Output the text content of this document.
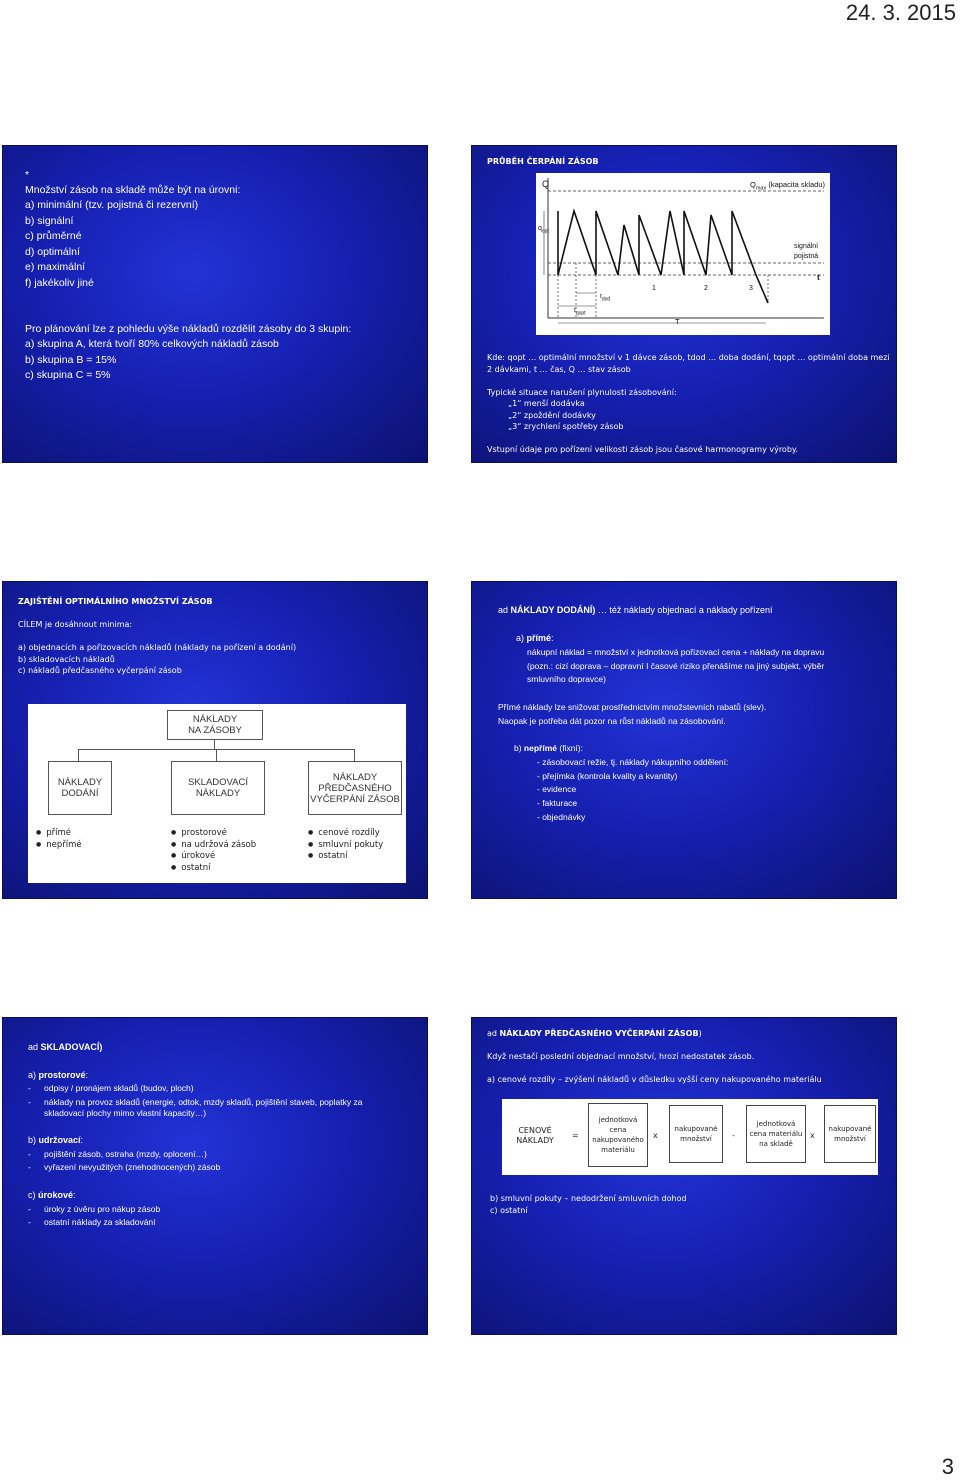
24. 3. 2015
*
Množství zásob na skladě může být na úrovni:
a) minimální (tzv. pojistná či rezervní)
b) signální
c) průměrné
d) optimální
e) maximální
f) jakékoliv jiné
Pro plánování lze z pohledu výše nákladů rozdělit zásoby do 3 skupin:
a) skupina A, která tvoří 80% celkových nákladů zásob
b) skupina B = 15%
c) skupina C = 5%
PRŮBĚH ČERPÁNÍ ZÁSOB
Q	$Q_{max}$ (kapacita skladu)
$q_{opt}$
signální
pojistná
t
1	2	3
$t_{dod}$
$t_{qopt}$
T
Kde: qopt … optimální množství v 1 dávce zásob, tdod … doba dodání, tqopt … optimální doba mezi
2 dávkami, t … čas, Q … stav zásob
Typické situace narušení plynulosti zásobování:
„1“ menší dodávka
„2“ zpoždění dodávky
„3“ zrychlení spotřeby zásob
Vstupní údaje pro pořízení velikosti zásob jsou časové harmonogramy výroby.
ZAJIŠTĚNÍ OPTIMÁLNÍHO MNOŽSTVÍ ZÁSOB
CÍLEM je dosáhnout minima:
a) objednacích a pořizovacích nákladů (náklady na pořízení a dodání)
b) skladovacích nákladů
c) nákladů předčasného vyčerpání zásob
NÁKLADY
NA ZÁSOBY
NÁKLADY
DODÁNÍ
SKLADOVACÍ
NÁKLADY
NÁKLADY
PŘEDČASNÉHO
VYČERPÁNÍ ZÁSOB
● přímé
● nepřímé
● prostorové
● na udržová zásob
● úrokové
● ostatní
● cenové rozdíly
● smluvní pokuty
● ostatní
ad NÁKLADY DODÁNÍ) … též náklady objednací a náklady pořízení
a) přímé:
nákupní náklad = množství x jednotková pořizovací cena + náklady na dopravu
(pozn.: cizí doprava – dopravní I časové riziko přenášíme na jiný subjekt, výběr
smluvního dopravce)
Přímé náklady lze snižovat prostřednictvím množstevních rabatů (slev).
Naopak je potřeba dát pozor na růst nákladů na zásobování.
b) nepřímé (fixní):
- zásobovací režie, tj. náklady nákupního oddělení:
- přejímka (kontrola kvality a kvantity)
- evidence
- fakturace
- objednávky
ad SKLADOVACÍ)
a) prostorové:
- odpisy / pronájem skladů (budov, ploch)
- náklady na provoz skladů (energie, odtok, mzdy skladů, pojištění staveb, poplatky za
skladovací plochy mimo vlastní kapacity…)
b) udržovací:
- pojištění zásob, ostraha (mzdy, oplocení…)
- vyřazení nevyužitých (znehodnocených) zásob
c) úrokové:
- úroky z úvěru pro nákup zásob
- ostatní náklady za skladování
ad NÁKLADY PŘEDČASNÉHO VYČERPÁNÍ ZÁSOB)
Když nestačí poslední objednací množství, hrozí nedostatek zásob.
a) cenové rozdíly – zvýšení nákladů v důsledku vyšší ceny nakupovaného materiálu
CENOVÉ
NÁKLADY
=
jednotková
cena
nakupovaného
materiálu
x
nakupované
množství	-
jednotková
cena materiálu
na skladě
x
nakupované
množství
b) smluvní pokuty – nedodržení smluvních dohod
c) ostatní
3
